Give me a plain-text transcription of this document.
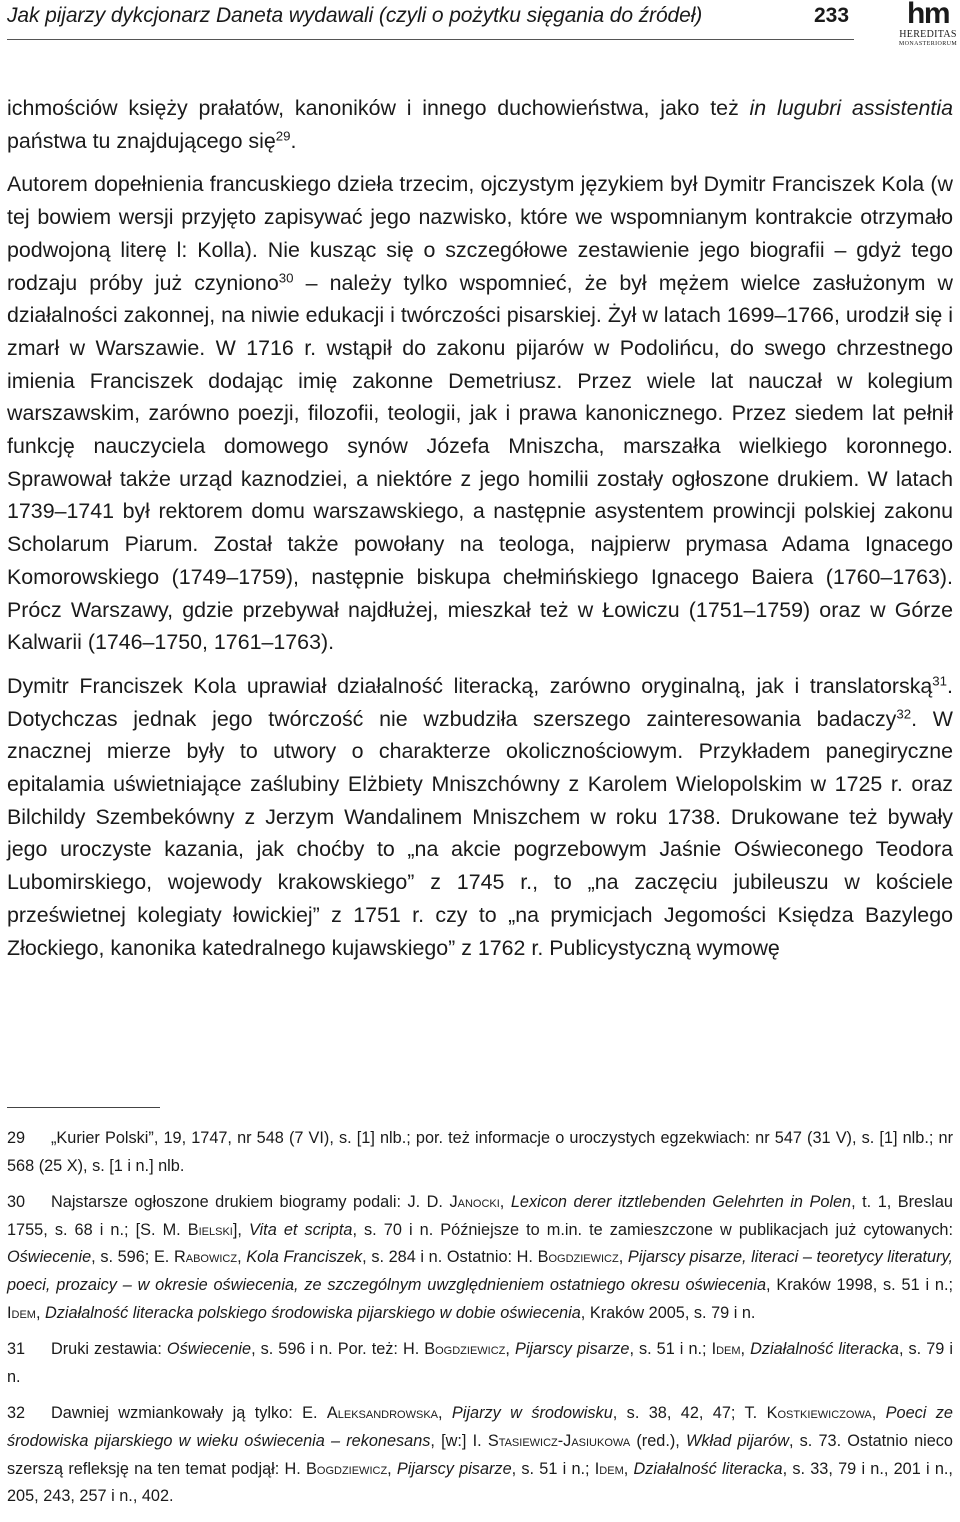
Jak pijarzy dykcjonarz Daneta wydawali (czyli o pożytku sięgania do źródeł)	233	hm
HEREDITAS
MONASTERIORUM

ichmościów księży prałatów, kanoników i innego duchowieństwa, jako też in lugubri assistentia państwa tu znajdującego się$^{29}$.

Autorem dopełnienia francuskiego dzieła trzecim, ojczystym językiem był Dymitr Franciszek Kola (w tej bowiem wersji przyjęto zapisywać jego nazwisko, które we wspomnianym kontrakcie otrzymało podwojoną literę l: Kolla). Nie kusząc się o szczegółowe zestawienie jego biografii – gdyż tego rodzaju próby już czyniono$^{30}$ – należy tylko wspomnieć, że był mężem wielce zasłużonym w działalności zakonnej, na niwie edukacji i twórczości pisarskiej. Żył w latach 1699–1766, urodził się i zmarł w Warszawie. W 1716 r. wstąpił do zakonu pijarów w Podolińcu, do swego chrzestnego imienia Franciszek dodając imię zakonne Demetriusz. Przez wiele lat nauczał w kolegium warszawskim, zarówno poezji, filozofii, teologii, jak i prawa kanonicznego. Przez siedem lat pełnił funkcję nauczyciela domowego synów Józefa Mniszcha, marszałka wielkiego koronnego. Sprawował także urząd kaznodziei, a niektóre z jego homilii zostały ogłoszone drukiem. W latach 1739–1741 był rektorem domu warszawskiego, a następnie asystentem prowincji polskiej zakonu Scholarum Piarum. Został także powołany na teologa, najpierw prymasa Adama Ignacego Komorowskiego (1749–1759), następnie biskupa chełmińskiego Ignacego Baiera (1760–1763). Prócz Warszawy, gdzie przebywał najdłużej, mieszkał też w Łowiczu (1751–1759) oraz w Górze Kalwarii (1746–1750, 1761–1763).

Dymitr Franciszek Kola uprawiał działalność literacką, zarówno oryginalną, jak i translatorską$^{31}$. Dotychczas jednak jego twórczość nie wzbudziła szerszego zainteresowania badaczy$^{32}$. W znacznej mierze były to utwory o charakterze okolicznościowym. Przykładem panegiryczne epitalamia uświetniające zaślubiny Elżbiety Mniszchówny z Karolem Wielopolskim w 1725 r. oraz Bilchildy Szembekówny z Jerzym Wandalinem Mniszchem w roku 1738. Drukowane też bywały jego uroczyste kazania, jak choćby to „na akcie pogrzebowym Jaśnie Oświeconego Teodora Lubomirskiego, wojewody krakowskiego” z 1745 r., to „na zaczęciu jubileuszu w kościele prześwietnej kolegiaty łowickiej” z 1751 r. czy to „na prymicjach Jegomości Księdza Bazylego Złockiego, kanonika katedralnego kujawskiego” z 1762 r. Publicystyczną wymowę

29 „Kurier Polski”, 19, 1747, nr 548 (7 VI), s. [1] nlb.; por. też informacje o uroczystych egzekwiach: nr 547 (31 V), s. [1] nlb.; nr 568 (25 X), s. [1 i n.] nlb.

30 Najstarsze ogłoszone drukiem biogramy podali: J. D. Janocki, Lexicon derer itztlebenden Gelehrten in Polen, t. 1, Breslau 1755, s. 68 i n.; [S. M. Bielski], Vita et scripta, s. 70 i n. Późniejsze to m.in. te zamieszczone w publikacjach już cytowanych: Oświecenie, s. 596; E. Rabowicz, Kola Franciszek, s. 284 i n. Ostatnio: H. Bogdziewicz, Pijarscy pisarze, literaci – teoretycy literatury, poeci, prozaicy – w okresie oświecenia, ze szczególnym uwzględnieniem ostatniego okresu oświecenia, Kraków 1998, s. 51 i n.; Idem, Działalność literacka polskiego środowiska pijarskiego w dobie oświecenia, Kraków 2005, s. 79 i n.

31 Druki zestawia: Oświecenie, s. 596 i n. Por. też: H. Bogdziewicz, Pijarscy pisarze, s. 51 i n.; Idem, Działalność literacka, s. 79 i n.

32 Dawniej wzmiankowały ją tylko: E. Aleksandrowska, Pijarzy w środowisku, s. 38, 42, 47; T. Kostkiewiczowa, Poeci ze środowiska pijarskiego w wieku oświecenia – rekonesans, [w:] I. Stasiewicz-Jasiukowa (red.), Wkład pijarów, s. 73. Ostatnio nieco szerszą refleksję na ten temat podjął: H. Bogdziewicz, Pijarscy pisarze, s. 51 i n.; Idem, Działalność literacka, s. 33, 79 i n., 201 i n., 205, 243, 257 i n., 402.
